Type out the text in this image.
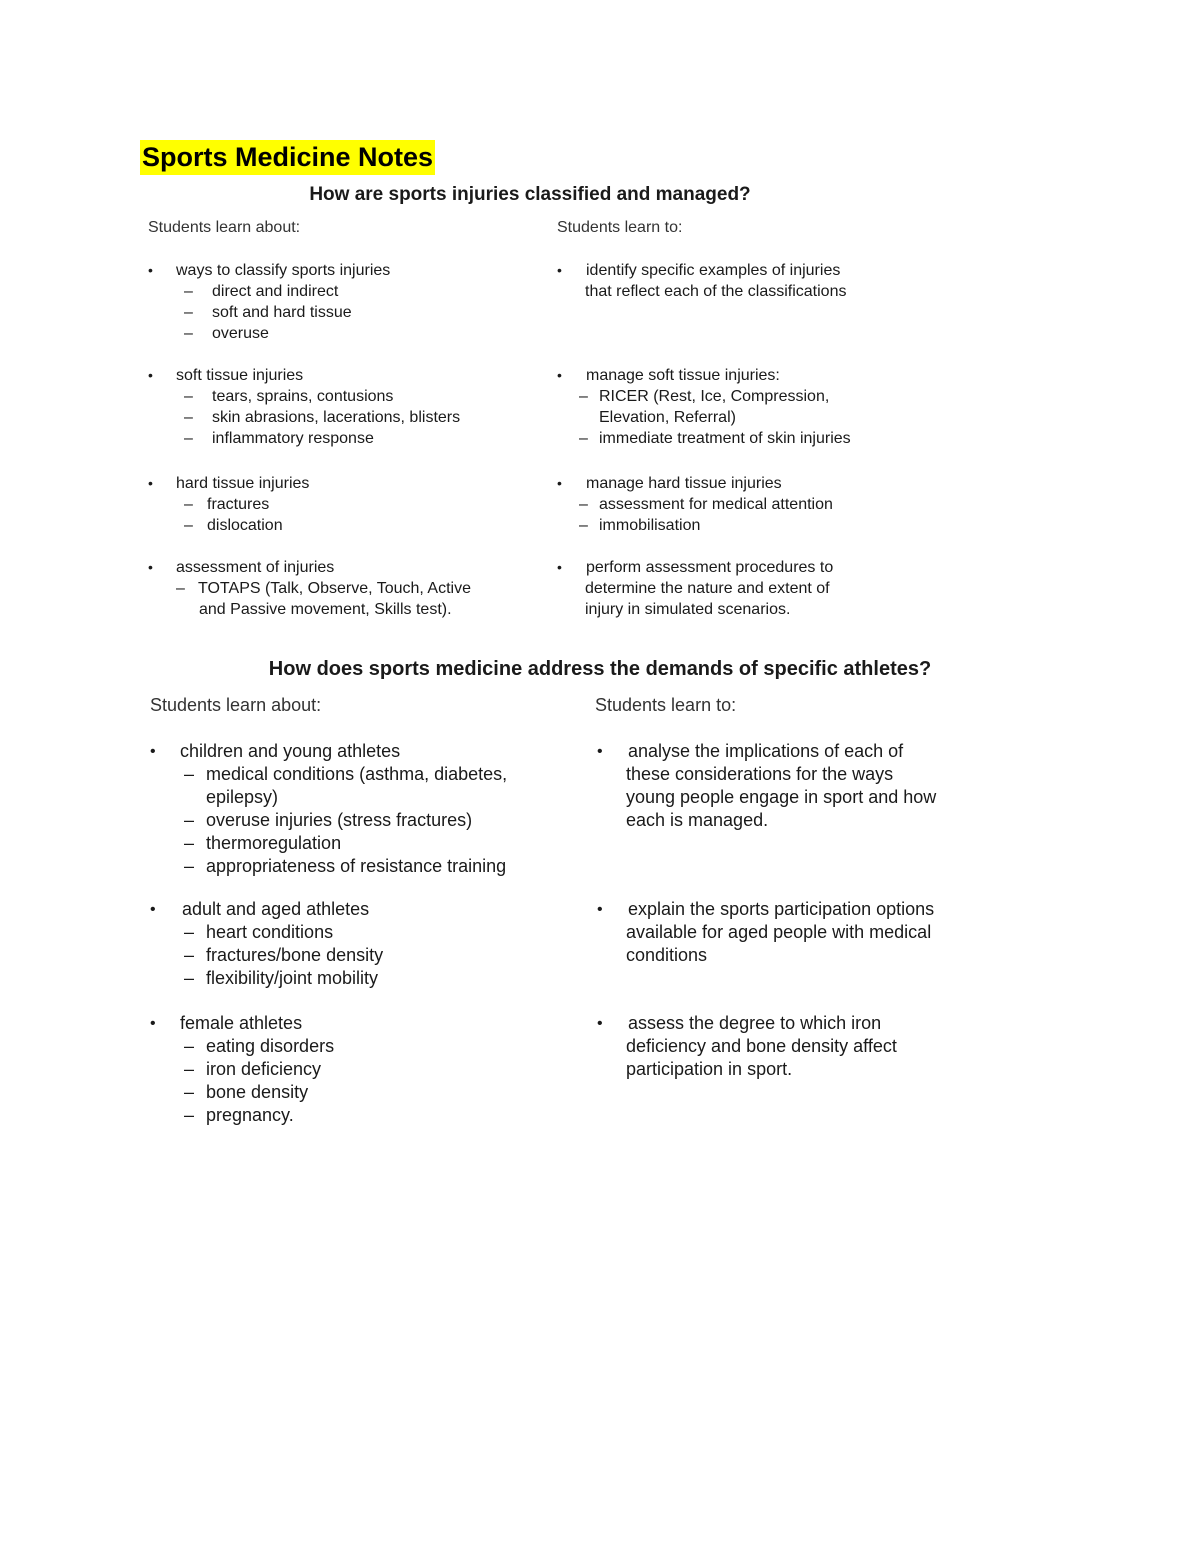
Sports Medicine Notes
How are sports injuries classified and managed?
Students learn about:	Students learn to:
• ways to classify sports injuries
– direct and indirect
– soft and hard tissue
– overuse
• identify specific examples of injuries
that reflect each of the classifications
• soft tissue injuries
– tears, sprains, contusions
– skin abrasions, lacerations, blisters
– inflammatory response
• manage soft tissue injuries:
– RICER (Rest, Ice, Compression,
Elevation, Referral)
– immediate treatment of skin injuries
• hard tissue injuries
– fractures
– dislocation
• manage hard tissue injuries
– assessment for medical attention
– immobilisation
• assessment of injuries
– TOTAPS (Talk, Observe, Touch, Active
and Passive movement, Skills test).
• perform assessment procedures to
determine the nature and extent of
injury in simulated scenarios.
How does sports medicine address the demands of specific athletes?
Students learn about:	Students learn to:
• children and young athletes
– medical conditions (asthma, diabetes,
epilepsy)
– overuse injuries (stress fractures)
– thermoregulation
– appropriateness of resistance training
• analyse the implications of each of
these considerations for the ways
young people engage in sport and how
each is managed.
• adult and aged athletes
– heart conditions
– fractures/bone density
– flexibility/joint mobility
• explain the sports participation options
available for aged people with medical
conditions
• female athletes
– eating disorders
– iron deficiency
– bone density
– pregnancy.
• assess the degree to which iron
deficiency and bone density affect
participation in sport.
